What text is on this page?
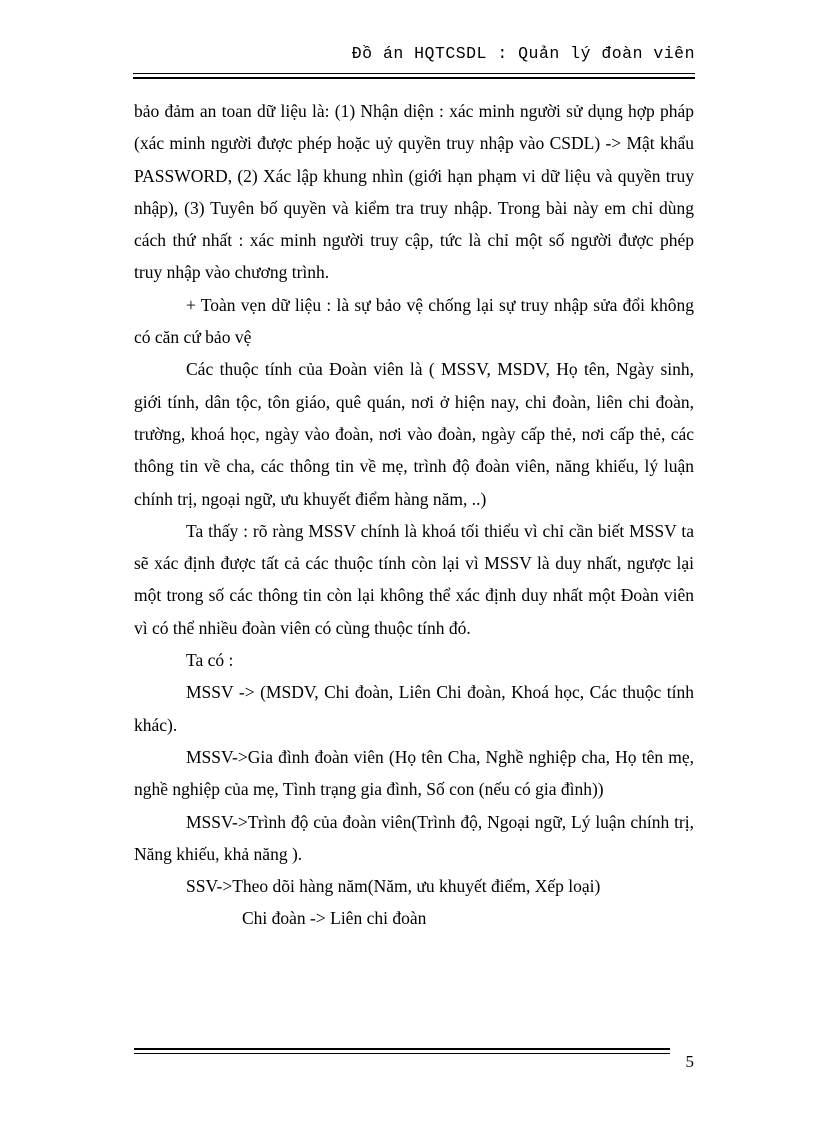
Đồ án HQTCSDL : Quản lý đoàn viên

bảo đảm an toan dữ liệu là: (1) Nhận diện : xác minh người sử dụng hợp pháp (xác minh người được phép hoặc uỷ quyền truy nhập vào CSDL) -> Mật khẩu PASSWORD, (2) Xác lập khung nhìn (giới hạn phạm vi dữ liệu và quyền truy nhập), (3) Tuyên bố quyền và kiểm tra truy nhập. Trong bài này em chỉ dùng cách thứ nhất : xác minh người truy cập, tức là chỉ một số người được phép truy nhập vào chương trình.

+ Toàn vẹn dữ liệu : là sự bảo vệ chống lại sự truy nhập sửa đổi không có căn cứ bảo vệ

Các thuộc tính của Đoàn viên là ( MSSV, MSDV, Họ tên, Ngày sinh, giới tính, dân tộc, tôn giáo, quê quán, nơi ở hiện nay, chi đoàn, liên chi đoàn, trường, khoá học, ngày vào đoàn, nơi vào đoàn, ngày cấp thẻ, nơi cấp thẻ, các thông tin về cha, các thông tin về mẹ, trình độ đoàn viên, năng khiếu, lý luận chính trị, ngoại ngữ, ưu khuyết điểm hàng năm, ..)

Ta thấy : rõ ràng MSSV chính là khoá tối thiểu vì chỉ cần biết MSSV ta sẽ xác định được tất cả các thuộc tính còn lại vì MSSV là duy nhất, ngược lại một trong số các thông tin còn lại không thể xác định duy nhất một Đoàn viên vì có thể nhiều đoàn viên có cùng thuộc tính đó.

Ta có :

MSSV -> (MSDV, Chi đoàn, Liên Chi đoàn, Khoá học, Các thuộc tính khác).

MSSV->Gia đình đoàn viên (Họ tên Cha, Nghề nghiệp cha, Họ tên mẹ, nghề nghiệp của mẹ, Tình trạng gia đình, Số con (nếu có gia đình))

MSSV->Trình độ của đoàn viên(Trình độ, Ngoại ngữ, Lý luận chính trị, Năng khiếu, khả năng ).

SSV->Theo dõi hàng năm(Năm, ưu khuyết điểm, Xếp loại)

Chi đoàn -> Liên chi đoàn

5
